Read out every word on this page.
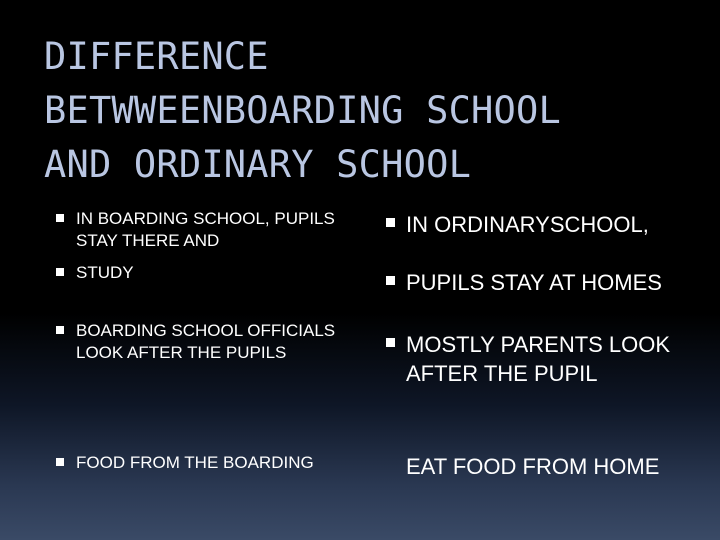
DIFFERENCE
BETWWEENBOARDING SCHOOL
AND ORDINARY SCHOOL
IN BOARDING SCHOOL, PUPILS STAY THERE AND
STUDY
BOARDING SCHOOL OFFICIALS LOOK AFTER THE PUPILS
FOOD FROM THE BOARDING
IN ORDINARYSCHOOL,
PUPILS STAY AT HOMES
MOSTLY PARENTS LOOK AFTER THE PUPIL
EAT FOOD FROM HOME
